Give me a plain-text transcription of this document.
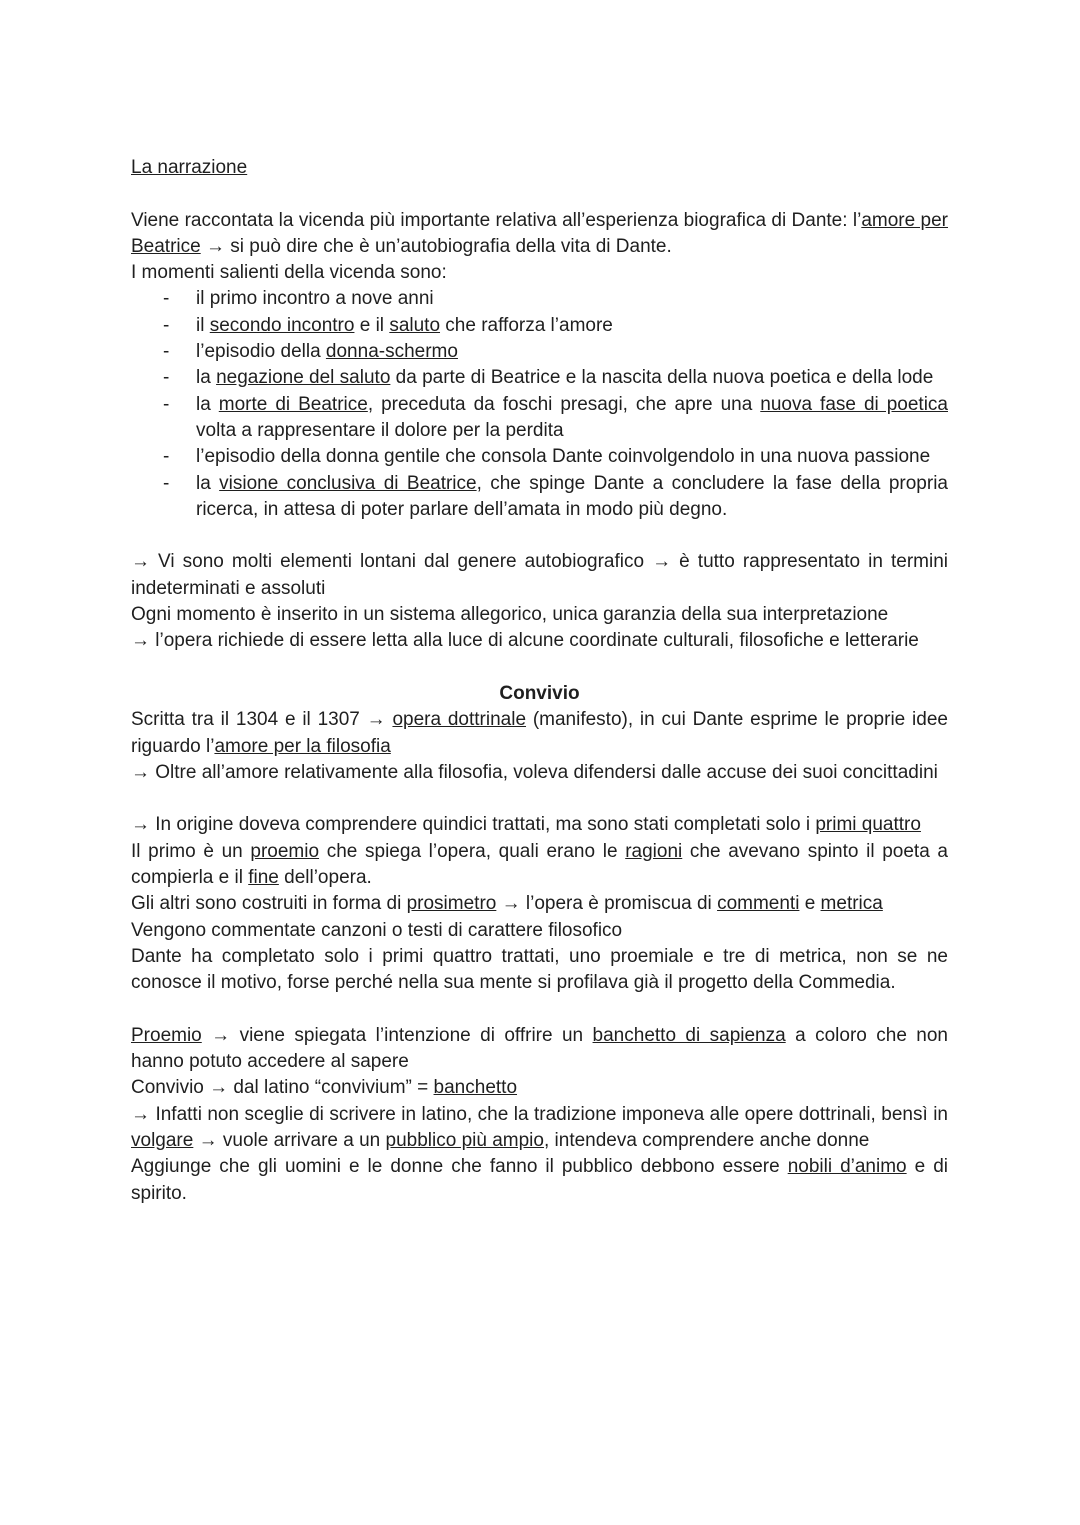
La narrazione

Viene raccontata la vicenda più importante relativa all’esperienza biografica di Dante: l’amore per Beatrice → si può dire che è un’autobiografia della vita di Dante.

I momenti salienti della vicenda sono:

- il primo incontro a nove anni
- il secondo incontro e il saluto che rafforza l’amore
- l’episodio della donna-schermo
- la negazione del saluto da parte di Beatrice e la nascita della nuova poetica e della lode
- la morte di Beatrice, preceduta da foschi presagi, che apre una nuova fase di poetica volta a rappresentare il dolore per la perdita
- l’episodio della donna gentile che consola Dante coinvolgendolo in una nuova passione
- la visione conclusiva di Beatrice, che spinge Dante a concludere la fase della propria ricerca, in attesa di poter parlare dell’amata in modo più degno.

→ Vi sono molti elementi lontani dal genere autobiografico → è tutto rappresentato in termini indeterminati e assoluti

Ogni momento è inserito in un sistema allegorico, unica garanzia della sua interpretazione

→ l’opera richiede di essere letta alla luce di alcune coordinate culturali, filosofiche e letterarie

Convivio

Scritta tra il 1304 e il 1307 → opera dottrinale (manifesto), in cui Dante esprime le proprie idee riguardo l’amore per la filosofia

→ Oltre all’amore relativamente alla filosofia, voleva difendersi dalle accuse dei suoi concittadini

→ In origine doveva comprendere quindici trattati, ma sono stati completati solo i primi quattro

Il primo è un proemio che spiega l’opera, quali erano le ragioni che avevano spinto il poeta a compierla e il fine dell’opera.

Gli altri sono costruiti in forma di prosimetro → l’opera è promiscua di commenti e metrica

Vengono commentate canzoni o testi di carattere filosofico

Dante ha completato solo i primi quattro trattati, uno proemiale e tre di metrica, non se ne conosce il motivo, forse perché nella sua mente si profilava già il progetto della Commedia.

Proemio → viene spiegata l’intenzione di offrire un banchetto di sapienza a coloro che non hanno potuto accedere al sapere

Convivio → dal latino “convivium” = banchetto

→ Infatti non sceglie di scrivere in latino, che la tradizione imponeva alle opere dottrinali, bensì in volgare → vuole arrivare a un pubblico più ampio, intendeva comprendere anche donne

Aggiunge che gli uomini e le donne che fanno il pubblico debbono essere nobili d’animo e di spirito.
